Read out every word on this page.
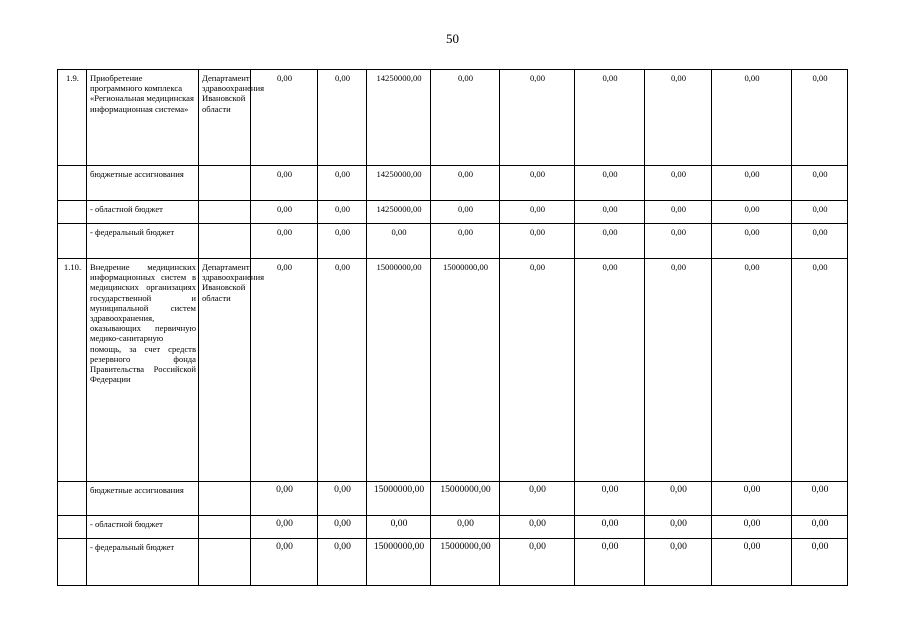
50
1.9.	Приобретение программного комплекса «Региональная медицинская информационная система»	Департамент здравоохранения Ивановской области	0,00	0,00	14250000,00	0,00	0,00	0,00	0,00	0,00	0,00
	бюджетные ассигнования		0,00	0,00	14250000,00	0,00	0,00	0,00	0,00	0,00	0,00
	- областной бюджет		0,00	0,00	14250000,00	0,00	0,00	0,00	0,00	0,00	0,00
	- федеральный бюджет		0,00	0,00	0,00	0,00	0,00	0,00	0,00	0,00	0,00
1.10.	Внедрение медицинских информационных систем в медицинских организациях государственной и муниципальной систем здравоохранения, оказывающих первичную медико-санитарную помощь, за счет средств резервного фонда Правительства Российской Федерации	Департамент здравоохранения Ивановской области	0,00	0,00	15000000,00	15000000,00	0,00	0,00	0,00	0,00	0,00
	бюджетные ассигнования		0,00	0,00	15000000,00	15000000,00	0,00	0,00	0,00	0,00	0,00
	- областной бюджет		0,00	0,00	0,00	0,00	0,00	0,00	0,00	0,00	0,00
	- федеральный бюджет		0,00	0,00	15000000,00	15000000,00	0,00	0,00	0,00	0,00	0,00
